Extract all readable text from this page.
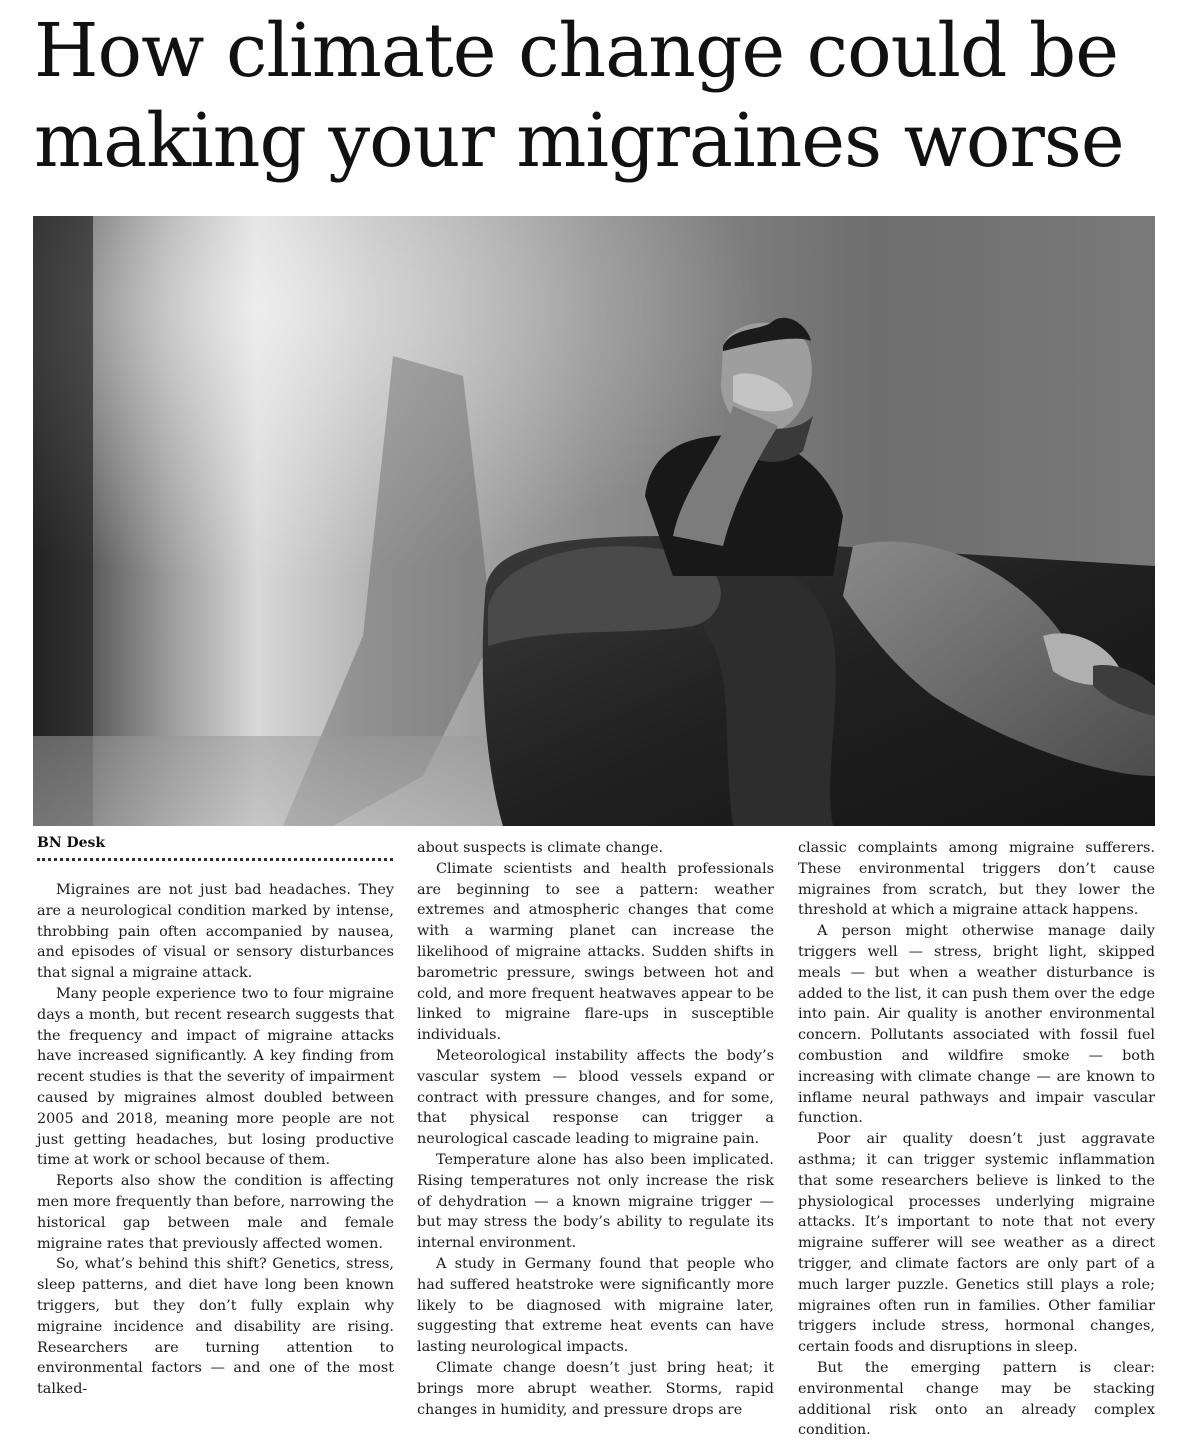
How climate change could be making your migraines worse
BN Desk

Migraines are not just bad headaches. They are a neurological condition marked by intense, throbbing pain often accompanied by nausea, and episodes of visual or sensory disturbances that signal a migraine attack.

Many people experience two to four migraine days a month, but recent research suggests that the frequency and impact of migraine attacks have increased significantly. A key finding from recent studies is that the severity of impairment caused by migraines almost doubled between 2005 and 2018, meaning more people are not just getting headaches, but losing productive time at work or school because of them.

Reports also show the condition is affecting men more frequently than before, narrowing the historical gap between male and female migraine rates that previously affected women.

So, what’s behind this shift? Genetics, stress, sleep patterns, and diet have long been known triggers, but they don’t fully explain why migraine incidence and disability are rising. Researchers are turning attention to environmental factors — and one of the most talked-

about suspects is climate change.

Climate scientists and health professionals are beginning to see a pattern: weather extremes and atmospheric changes that come with a warming planet can increase the likelihood of migraine attacks. Sudden shifts in barometric pressure, swings between hot and cold, and more frequent heatwaves appear to be linked to migraine flare-ups in susceptible individuals.

Meteorological instability affects the body’s vascular system — blood vessels expand or contract with pressure changes, and for some, that physical response can trigger a neurological cascade leading to migraine pain.

Temperature alone has also been implicated. Rising temperatures not only increase the risk of dehydration — a known migraine trigger — but may stress the body’s ability to regulate its internal environment.

A study in Germany found that people who had suffered heatstroke were significantly more likely to be diagnosed with migraine later, suggesting that extreme heat events can have lasting neurological impacts.

Climate change doesn’t just bring heat; it brings more abrupt weather. Storms, rapid changes in humidity, and pressure drops are

classic complaints among migraine sufferers. These environmental triggers don’t cause migraines from scratch, but they lower the threshold at which a migraine attack happens.

A person might otherwise manage daily triggers well — stress, bright light, skipped meals — but when a weather disturbance is added to the list, it can push them over the edge into pain. Air quality is another environmental concern. Pollutants associated with fossil fuel combustion and wildfire smoke — both increasing with climate change — are known to inflame neural pathways and impair vascular function.

Poor air quality doesn’t just aggravate asthma; it can trigger systemic inflammation that some researchers believe is linked to the physiological processes underlying migraine attacks. It’s important to note that not every migraine sufferer will see weather as a direct trigger, and climate factors are only part of a much larger puzzle. Genetics still plays a role; migraines often run in families. Other familiar triggers include stress, hormonal changes, certain foods and disruptions in sleep.

But the emerging pattern is clear: environmental change may be stacking additional risk onto an already complex condition.
